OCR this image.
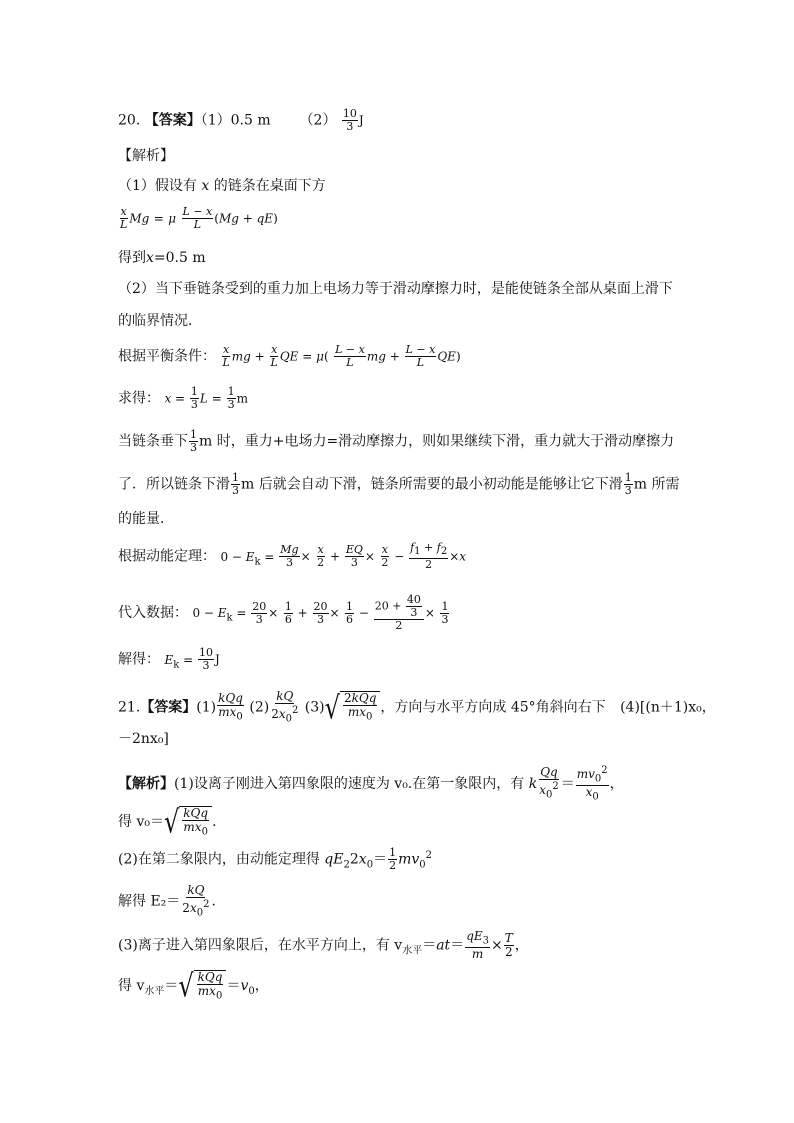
20. 【答案】（1）0.5 m $(2) \frac{10}{3}$ J
【解析】
（1）假设有 x 的链条在桌面下方
$\frac{x}{L}$ Mg = μ $\frac{L - x}{L} (Mg + qE)$
得到x=0.5 m
（2）当下垂链条受到的重力加上电场力等于滑动摩擦力时，是能使链条全部从桌面上滑下
的临界情况．
根据平衡条件： $\frac{x}{L}$ mg + $\frac{x}{L}$ QE = $\mu( \frac{L - x}{L}$ mg + $\frac{L - x}{L} QE$)
求得： $x = \frac{1}{3}$ $L = \frac{1}{3}$ m
当链条垂下 $\frac{1}{3}$ m 时，重力+电场力=滑动摩擦力，则如果继续下滑，重力就大于滑动摩擦力
了．所以链条下滑 $\frac{1}{3}$ m 后就会自动下滑，链条所需要的最小初动能是能够让它下滑 $\frac{1}{3}$ m 所需
的能量．
根据动能定理： $0 - E_k = \frac{Mg}{3} \times \frac{x}{2} + \frac{EQ}{3} \times \frac{x}{2} - \frac{f_1 + f_2}{2} \times x$
代入数据： $0 - E_k = \frac{20}{3} \times \frac{1}{6} + \frac{20}{3} \times \frac{1}{6} - \frac{20 + \frac{40}{3}}{2} \times \frac{1}{3}$
解得： $E_k = \frac{10}{3}$ J
21.【答案】$(1) \frac{\text{kQq}}{mx_0} (2) \frac{kQ}{2x_0^2} (3)$ √ $\frac{\text{2kQq}}{mx_0}$ ，方向与水平方向成 45°角斜向右下 (4)[(n＋1)x₀，
－2nx₀]
【解析】(1)设离子刚进入第四象限的速度为 v₀.在第一象限内，有 k $\frac{Qq}{x_0^2} = \frac{mv_0^2}{x_0}$ ，
得 v₀＝ √ $\frac{\text{kQq}}{mx_0}$ .
(2)在第二象限内，由动能定理得 $qE_22x_0= \frac{1}{2} mv_0^2$
解得 $E_2= \frac{kQ}{2x_0^2}$ .
(3)离子进入第四象限后，在水平方向上，有 $v_{水平}=at= \frac{qE_3}{m} \times \frac{T}{2}$ ，
得 $v_{水平}=$ √ $\frac{\text{kQq}}{mx_0} =v_0$，
